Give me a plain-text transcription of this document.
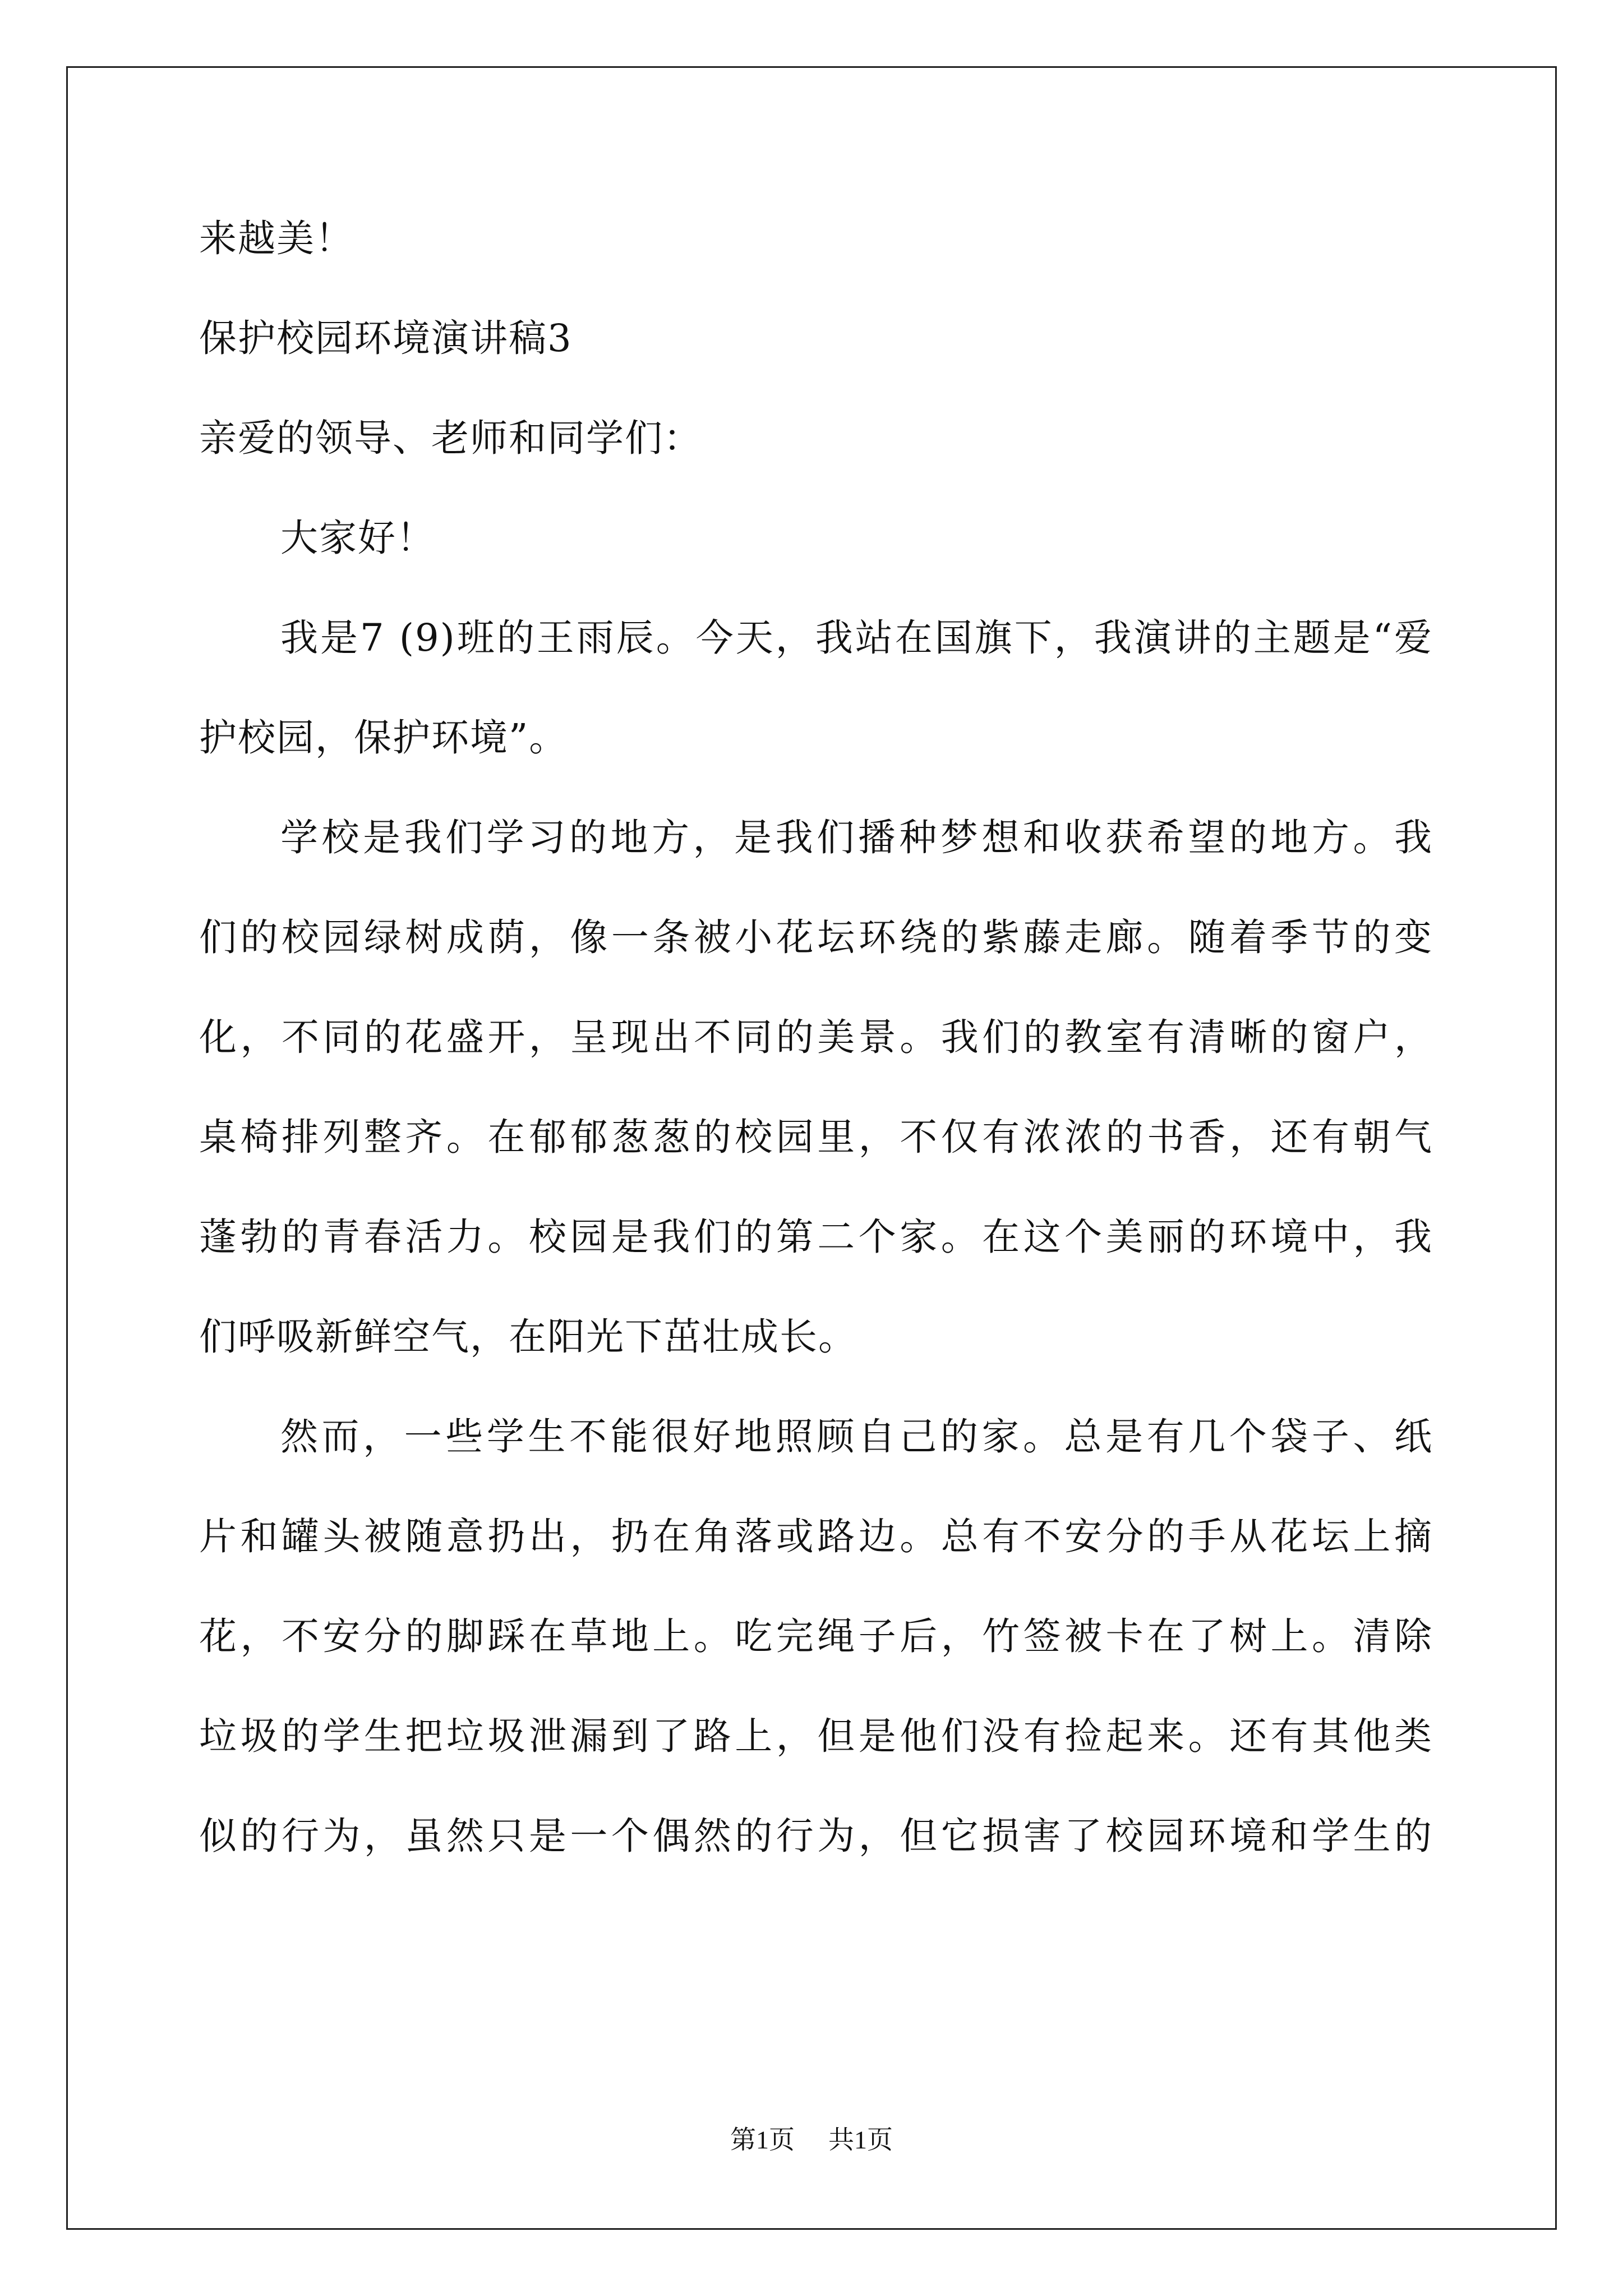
来越美！
保护校园环境演讲稿3
亲爱的领导、老师和同学们：
大家好！
我是7 (9)班的王雨辰。今天，我站在国旗下，我演讲的主题是“爱
护校园，保护环境”。
学校是我们学习的地方，是我们播种梦想和收获希望的地方。我
们的校园绿树成荫，像一条被小花坛环绕的紫藤走廊。随着季节的变
化，不同的花盛开，呈现出不同的美景。我们的教室有清晰的窗户，
桌椅排列整齐。在郁郁葱葱的校园里，不仅有浓浓的书香，还有朝气
蓬勃的青春活力。校园是我们的第二个家。在这个美丽的环境中，我
们呼吸新鲜空气，在阳光下茁壮成长。
然而，一些学生不能很好地照顾自己的家。总是有几个袋子、纸
片和罐头被随意扔出，扔在角落或路边。总有不安分的手从花坛上摘
花，不安分的脚踩在草地上。吃完绳子后，竹签被卡在了树上。清除
垃圾的学生把垃圾泄漏到了路上，但是他们没有捡起来。还有其他类
似的行为，虽然只是一个偶然的行为，但它损害了校园环境和学生的
第1页 共1页
